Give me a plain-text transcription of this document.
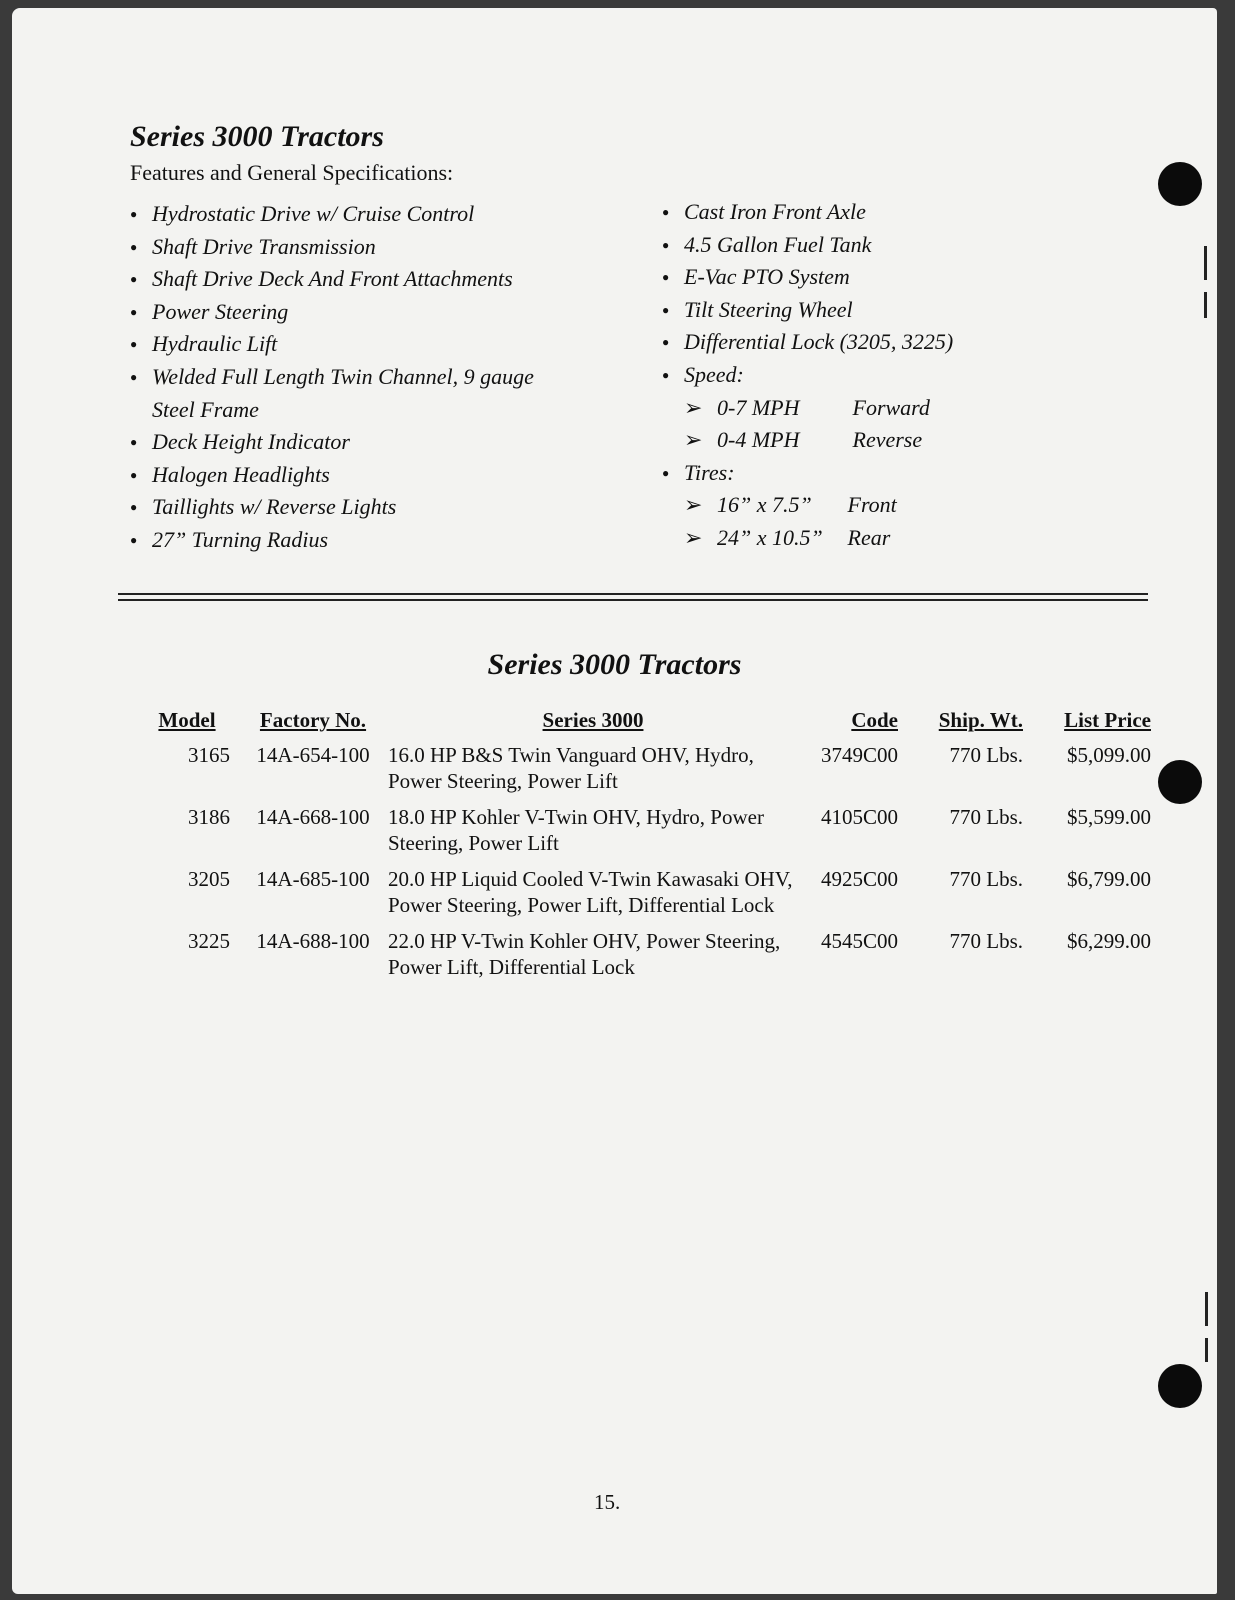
Series 3000 Tractors
Features and General Specifications:
● Hydrostatic Drive w/ Cruise Control
● Shaft Drive Transmission
● Shaft Drive Deck And Front Attachments
● Power Steering
● Hydraulic Lift
● Welded Full Length Twin Channel, 9 gauge
Steel Frame
● Deck Height Indicator
● Halogen Headlights
● Taillights w/ Reverse Lights
● 27” Turning Radius
● Cast Iron Front Axle
● 4.5 Gallon Fuel Tank
● E-Vac PTO System
● Tilt Steering Wheel
● Differential Lock (3205, 3225)
● Speed:
➢ 0-7 MPH Forward
➢ 0-4 MPH Reverse
● Tires:
➢ 16” x 7.5” Front
➢ 24” x 10.5” Rear
Series 3000 Tractors
Model	Factory No.	Series 3000	Code	Ship. Wt.	List Price
3165	14A-654-100	16.0 HP B&S Twin Vanguard OHV, Hydro, Power Steering, Power Lift	3749C00	770 Lbs.	$5,099.00
3186	14A-668-100	18.0 HP Kohler V-Twin OHV, Hydro, Power Steering, Power Lift	4105C00	770 Lbs.	$5,599.00
3205	14A-685-100	20.0 HP Liquid Cooled V-Twin Kawasaki OHV, Power Steering, Power Lift, Differential Lock	4925C00	770 Lbs.	$6,799.00
3225	14A-688-100	22.0 HP V-Twin Kohler OHV, Power Steering, Power Lift, Differential Lock	4545C00	770 Lbs.	$6,299.00
15.
